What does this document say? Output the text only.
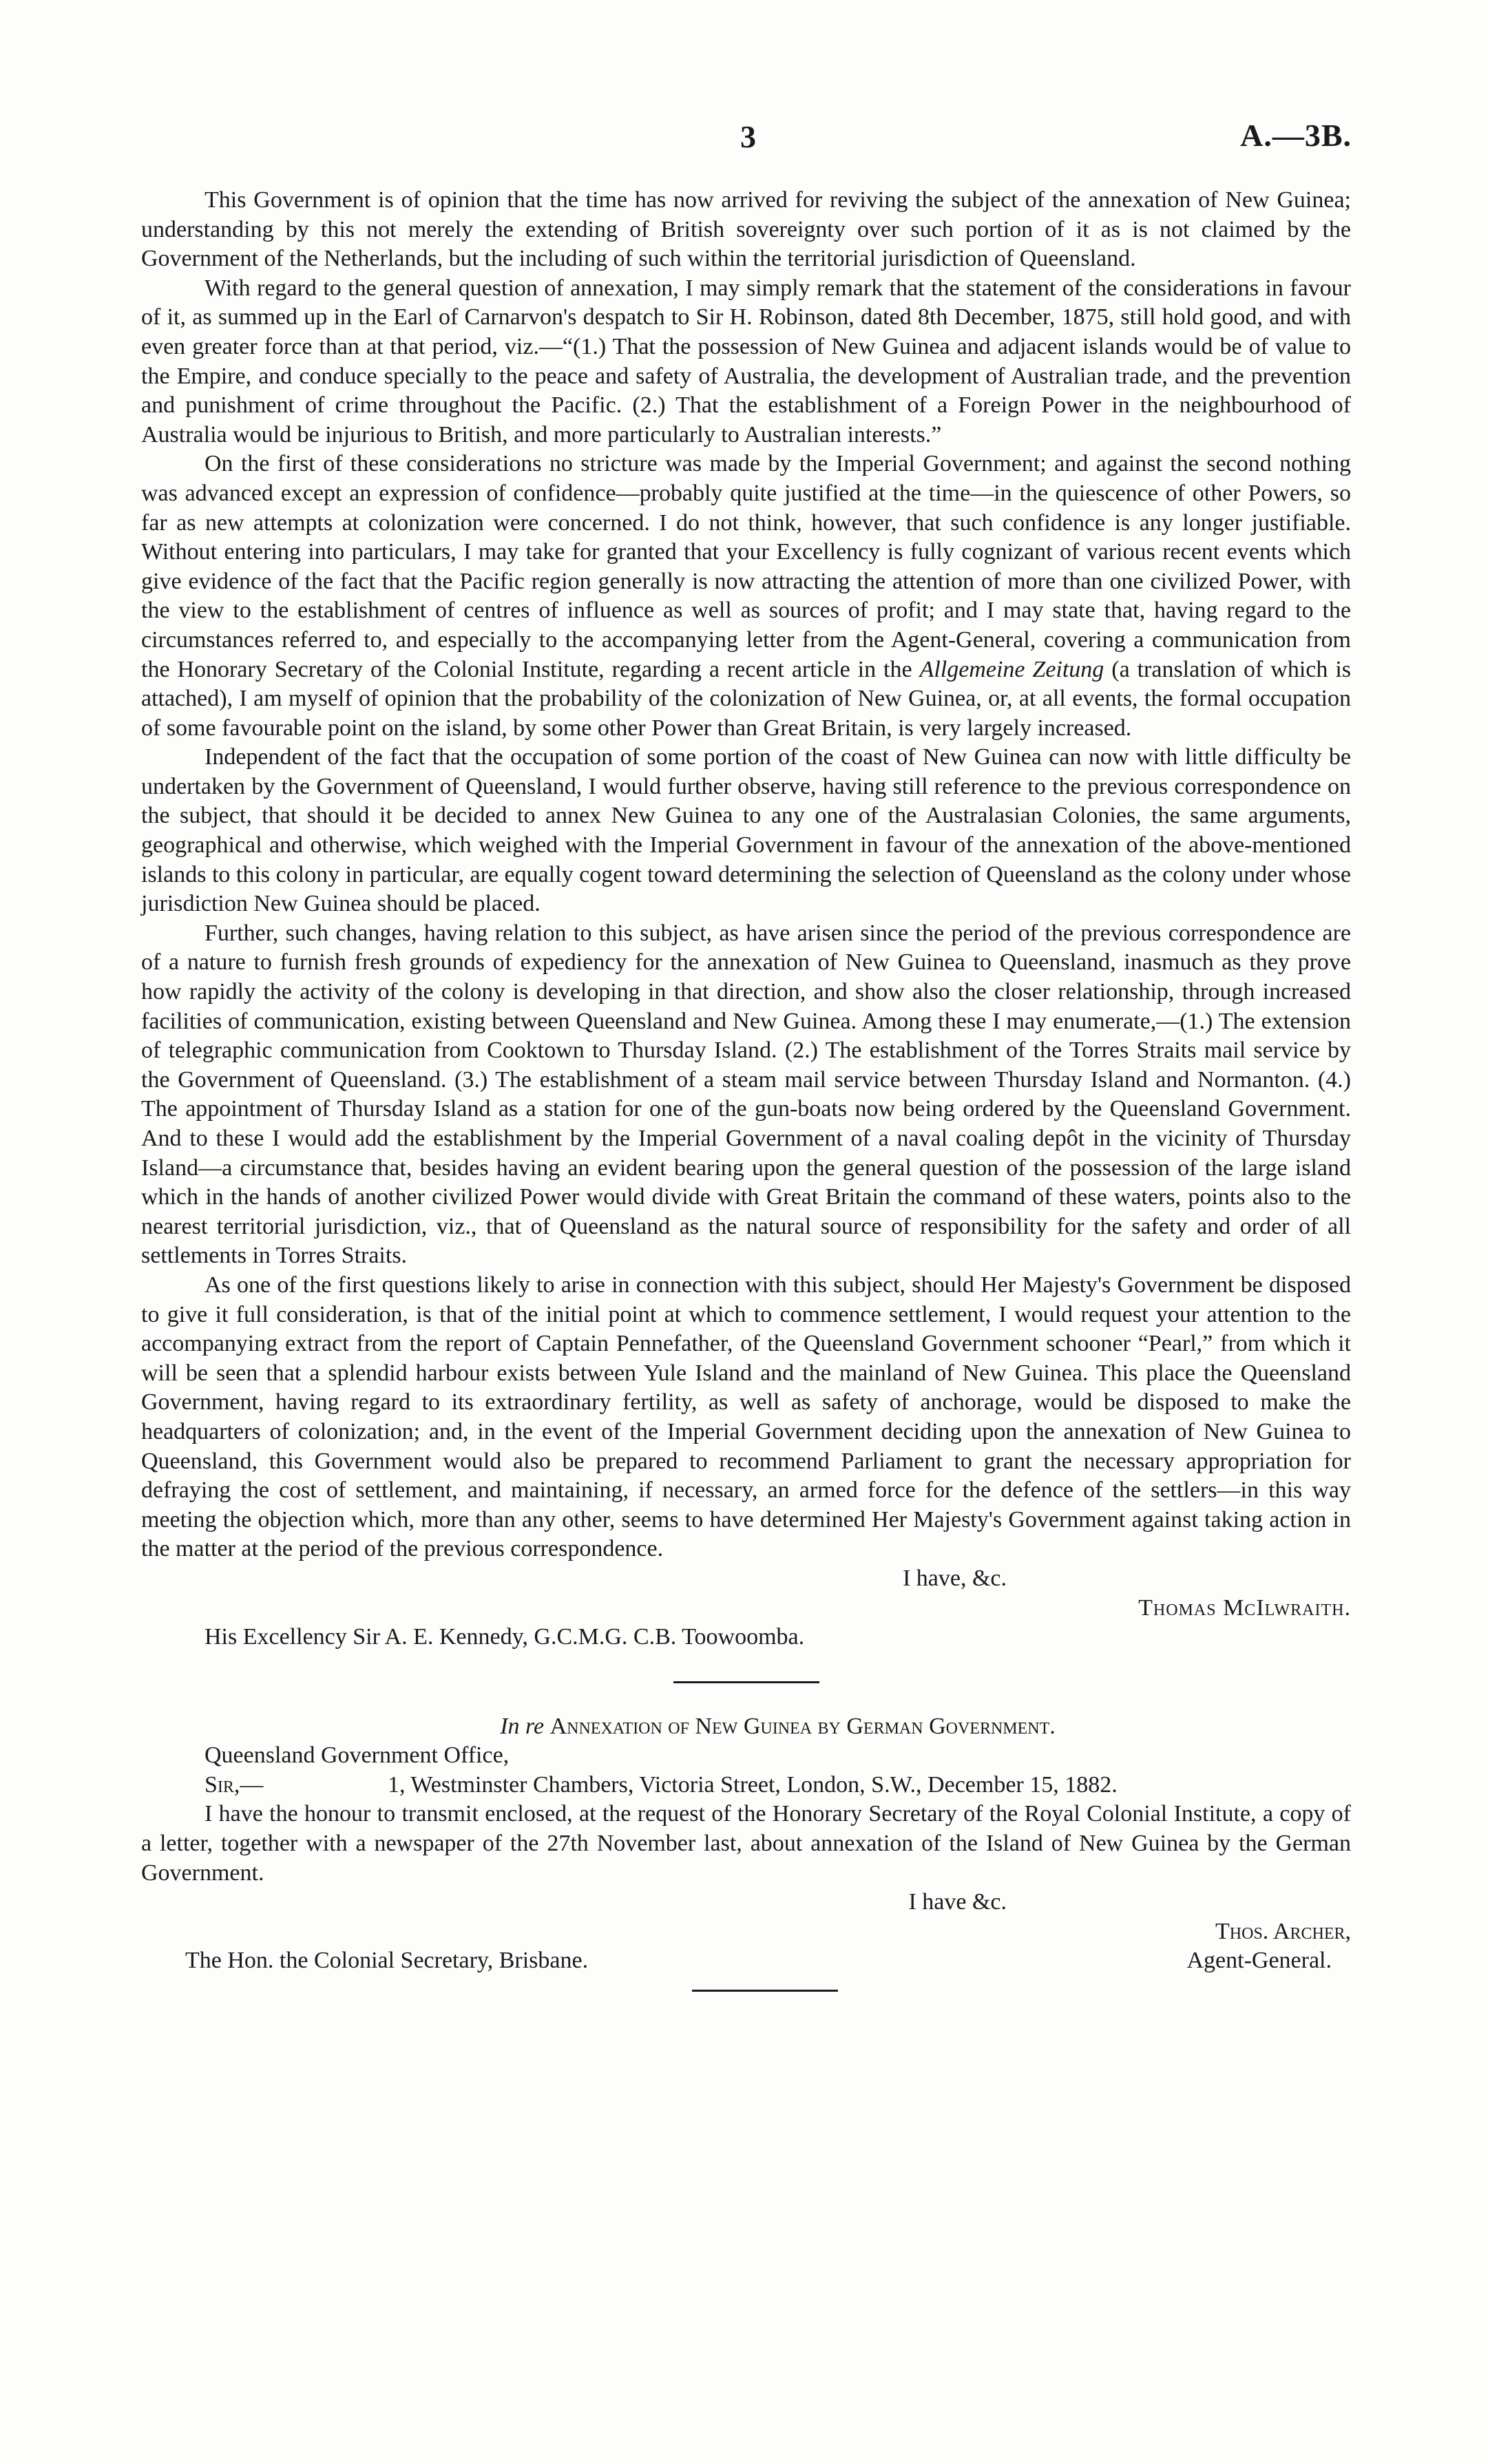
3	A.—3B.

This Government is of opinion that the time has now arrived for reviving the subject of the annexation of New Guinea; understanding by this not merely the extending of British sovereignty over such portion of it as is not claimed by the Government of the Netherlands, but the including of such within the territorial jurisdiction of Queensland.

With regard to the general question of annexation, I may simply remark that the statement of the considerations in favour of it, as summed up in the Earl of Carnarvon's despatch to Sir H. Robinson, dated 8th December, 1875, still hold good, and with even greater force than at that period, viz.—“(1.) That the possession of New Guinea and adjacent islands would be of value to the Empire, and conduce specially to the peace and safety of Australia, the development of Australian trade, and the prevention and punishment of crime throughout the Pacific. (2.) That the establishment of a Foreign Power in the neighbourhood of Australia would be injurious to British, and more particularly to Australian interests.”

On the first of these considerations no stricture was made by the Imperial Government; and against the second nothing was advanced except an expression of confidence—probably quite justified at the time—in the quiescence of other Powers, so far as new attempts at colonization were concerned. I do not think, however, that such confidence is any longer justifiable. Without entering into particulars, I may take for granted that your Excellency is fully cognizant of various recent events which give evidence of the fact that the Pacific region generally is now attracting the attention of more than one civilized Power, with the view to the establishment of centres of influence as well as sources of profit; and I may state that, having regard to the circumstances referred to, and especially to the accompanying letter from the Agent-General, covering a communication from the Honorary Secretary of the Colonial Institute, regarding a recent article in the Allgemeine Zeitung (a translation of which is attached), I am myself of opinion that the probability of the colonization of New Guinea, or, at all events, the formal occupation of some favourable point on the island, by some other Power than Great Britain, is very largely increased.

Independent of the fact that the occupation of some portion of the coast of New Guinea can now with little difficulty be undertaken by the Government of Queensland, I would further observe, having still reference to the previous correspondence on the subject, that should it be decided to annex New Guinea to any one of the Australasian Colonies, the same arguments, geographical and otherwise, which weighed with the Imperial Government in favour of the annexation of the above-mentioned islands to this colony in particular, are equally cogent toward determining the selection of Queensland as the colony under whose jurisdiction New Guinea should be placed.

Further, such changes, having relation to this subject, as have arisen since the period of the previous correspondence are of a nature to furnish fresh grounds of expediency for the annexation of New Guinea to Queensland, inasmuch as they prove how rapidly the activity of the colony is developing in that direction, and show also the closer relationship, through increased facilities of communication, existing between Queensland and New Guinea. Among these I may enumerate,—(1.) The extension of telegraphic communication from Cooktown to Thursday Island. (2.) The establishment of the Torres Straits mail service by the Government of Queensland. (3.) The establishment of a steam mail service between Thursday Island and Normanton. (4.) The appointment of Thursday Island as a station for one of the gun-boats now being ordered by the Queensland Government. And to these I would add the establishment by the Imperial Government of a naval coaling depôt in the vicinity of Thursday Island—a circumstance that, besides having an evident bearing upon the general question of the possession of the large island which in the hands of another civilized Power would divide with Great Britain the command of these waters, points also to the nearest territorial jurisdiction, viz., that of Queensland as the natural source of responsibility for the safety and order of all settlements in Torres Straits.

As one of the first questions likely to arise in connection with this subject, should Her Majesty's Government be disposed to give it full consideration, is that of the initial point at which to commence settlement, I would request your attention to the accompanying extract from the report of Captain Pennefather, of the Queensland Government schooner “Pearl,” from which it will be seen that a splendid harbour exists between Yule Island and the mainland of New Guinea. This place the Queensland Government, having regard to its extraordinary fertility, as well as safety of anchorage, would be disposed to make the headquarters of colonization; and, in the event of the Imperial Government deciding upon the annexation of New Guinea to Queensland, this Government would also be prepared to recommend Parliament to grant the necessary appropriation for defraying the cost of settlement, and maintaining, if necessary, an armed force for the defence of the settlers—in this way meeting the objection which, more than any other, seems to have determined Her Majesty's Government against taking action in the matter at the period of the previous correspondence.

I have, &c.

Thomas McIlwraith.

His Excellency Sir A. E. Kennedy, G.C.M.G. C.B. Toowoomba.

In re Annexation of New Guinea by German Government.

Queensland Government Office,

Sir,—	1, Westminster Chambers, Victoria Street, London, S.W., December 15, 1882.

I have the honour to transmit enclosed, at the request of the Honorary Secretary of the Royal Colonial Institute, a copy of a letter, together with a newspaper of the 27th November last, about annexation of the Island of New Guinea by the German Government.

I have &c.

Thos. Archer,

The Hon. the Colonial Secretary, Brisbane.	Agent-General.
